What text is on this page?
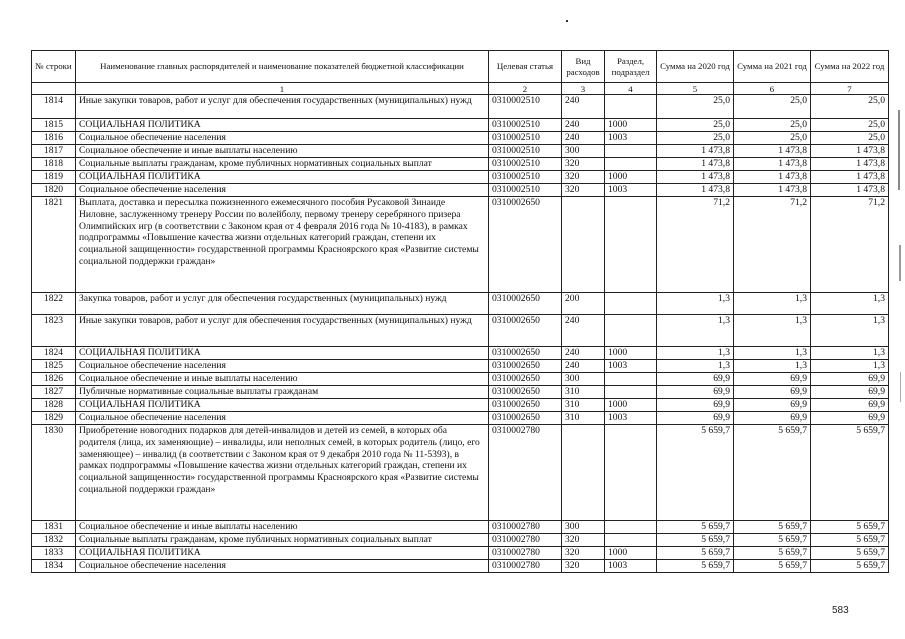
№ строки	Наименование главных распорядителей и наименование показателей бюджетной классификации	Целевая статья	Вид расходов	Раздел, подраздел	Сумма на 2020 год	Сумма на 2021 год	Сумма на 2022 год
	1	2	3	4	5	6	7
1814	Иные закупки товаров, работ и услуг для обеспечения государственных (муниципальных) нужд	0310002510	240		25,0	25,0	25,0
1815	СОЦИАЛЬНАЯ ПОЛИТИКА	0310002510	240	1000	25,0	25,0	25,0
1816	Социальное обеспечение населения	0310002510	240	1003	25,0	25,0	25,0
1817	Социальное обеспечение и иные выплаты населению	0310002510	300		1 473,8	1 473,8	1 473,8
1818	Социальные выплаты гражданам, кроме публичных нормативных социальных выплат	0310002510	320		1 473,8	1 473,8	1 473,8
1819	СОЦИАЛЬНАЯ ПОЛИТИКА	0310002510	320	1000	1 473,8	1 473,8	1 473,8
1820	Социальное обеспечение населения	0310002510	320	1003	1 473,8	1 473,8	1 473,8
1821	Выплата, доставка и пересылка пожизненного ежемесячного пособия Русаковой Зинаиде Ниловне, заслуженному тренеру России по волейболу, первому тренеру серебряного призера Олимпийских игр (в соответствии с Законом края от 4 февраля 2016 года № 10-4183), в рамках подпрограммы «Повышение качества жизни отдельных категорий граждан, степени их социальной защищенности» государственной программы Красноярского края «Развитие системы социальной поддержки граждан»	0310002650			71,2	71,2	71,2
1822	Закупка товаров, работ и услуг для обеспечения государственных (муниципальных) нужд	0310002650	200		1,3	1,3	1,3
1823	Иные закупки товаров, работ и услуг для обеспечения государственных (муниципальных) нужд	0310002650	240		1,3	1,3	1,3
1824	СОЦИАЛЬНАЯ ПОЛИТИКА	0310002650	240	1000	1,3	1,3	1,3
1825	Социальное обеспечение населения	0310002650	240	1003	1,3	1,3	1,3
1826	Социальное обеспечение и иные выплаты населению	0310002650	300		69,9	69,9	69,9
1827	Публичные нормативные социальные выплаты гражданам	0310002650	310		69,9	69,9	69,9
1828	СОЦИАЛЬНАЯ ПОЛИТИКА	0310002650	310	1000	69,9	69,9	69,9
1829	Социальное обеспечение населения	0310002650	310	1003	69,9	69,9	69,9
1830	Приобретение новогодних подарков для детей-инвалидов и детей из семей, в которых оба родителя (лица, их заменяющие) – инвалиды, или неполных семей, в которых родитель (лицо, его заменяющее) – инвалид (в соответствии с Законом края от 9 декабря 2010 года № 11-5393), в рамках подпрограммы «Повышение качества жизни отдельных категорий граждан, степени их социальной защищенности» государственной программы Красноярского края «Развитие системы социальной поддержки граждан»	0310002780			5 659,7	5 659,7	5 659,7
1831	Социальное обеспечение и иные выплаты населению	0310002780	300		5 659,7	5 659,7	5 659,7
1832	Социальные выплаты гражданам, кроме публичных нормативных социальных выплат	0310002780	320		5 659,7	5 659,7	5 659,7
1833	СОЦИАЛЬНАЯ ПОЛИТИКА	0310002780	320	1000	5 659,7	5 659,7	5 659,7
1834	Социальное обеспечение населения	0310002780	320	1003	5 659,7	5 659,7	5 659,7
583
